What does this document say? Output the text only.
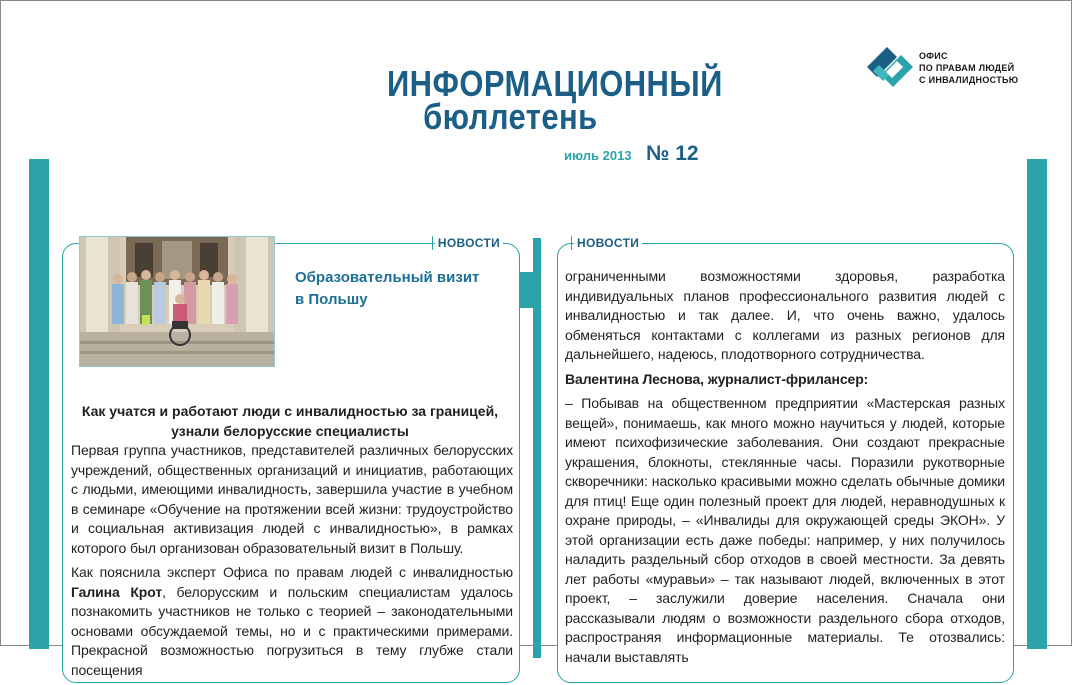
ИНФОРМАЦИОННЫЙ
бюллетень
июль 2013 № 12
ОФИС
ПО ПРАВАМ ЛЮДЕЙ
С ИНВАЛИДНОСТЬЮ
НОВОСТИ	НОВОСТИ
Образовательный визит
в Польшу
Как учатся и работают люди с инвалидностью за границей, узнали белорусские специалисты

Первая группа участников, представителей различных белорусских учреждений, общественных организаций и инициатив, работающих с людьми, имеющими инвалидность, завершила участие в учебном в семинаре «Обучение на протяжении всей жизни: трудоустройство и социальная активизация людей с инвалидностью», в рамках которого был организован образовательный визит в Польшу.

Как пояснила эксперт Офиса по правам людей с инвалидностью Галина Крот, белорусским и польским специалистам удалось познакомить участников не только с теорией – законодательными основами обсуждаемой темы, но и с практическими примерами. Прекрасной возможностью погрузиться в тему глубже стали посещения

ограниченными возможностями здоровья, разработка индивидуальных планов профессионального развития людей с инвалидностью и так далее. И, что очень важно, удалось обменяться контактами с коллегами из разных регионов для дальнейшего, надеюсь, плодотворного сотрудничества.

Валентина Леснова, журналист-фрилансер:

– Побывав на общественном предприятии «Мастерская разных вещей», понимаешь, как много можно научиться у людей, которые имеют психофизические заболевания. Они создают прекрасные украшения, блокноты, стеклянные часы. Поразили рукотворные скворечники: насколько красивыми можно сделать обычные домики для птиц! Еще один полезный проект для людей, неравнодушных к охране природы, – «Инвалиды для окружающей среды ЭКОН». У этой организации есть даже победы: например, у них получилось наладить раздельный сбор отходов в своей местности. За девять лет работы «муравьи» – так называют людей, включенных в этот проект, – заслужили доверие населения. Сначала они рассказывали людям о возможности раздельного сбора отходов, распространяя информационные материалы. Те отозвались: начали выставлять
